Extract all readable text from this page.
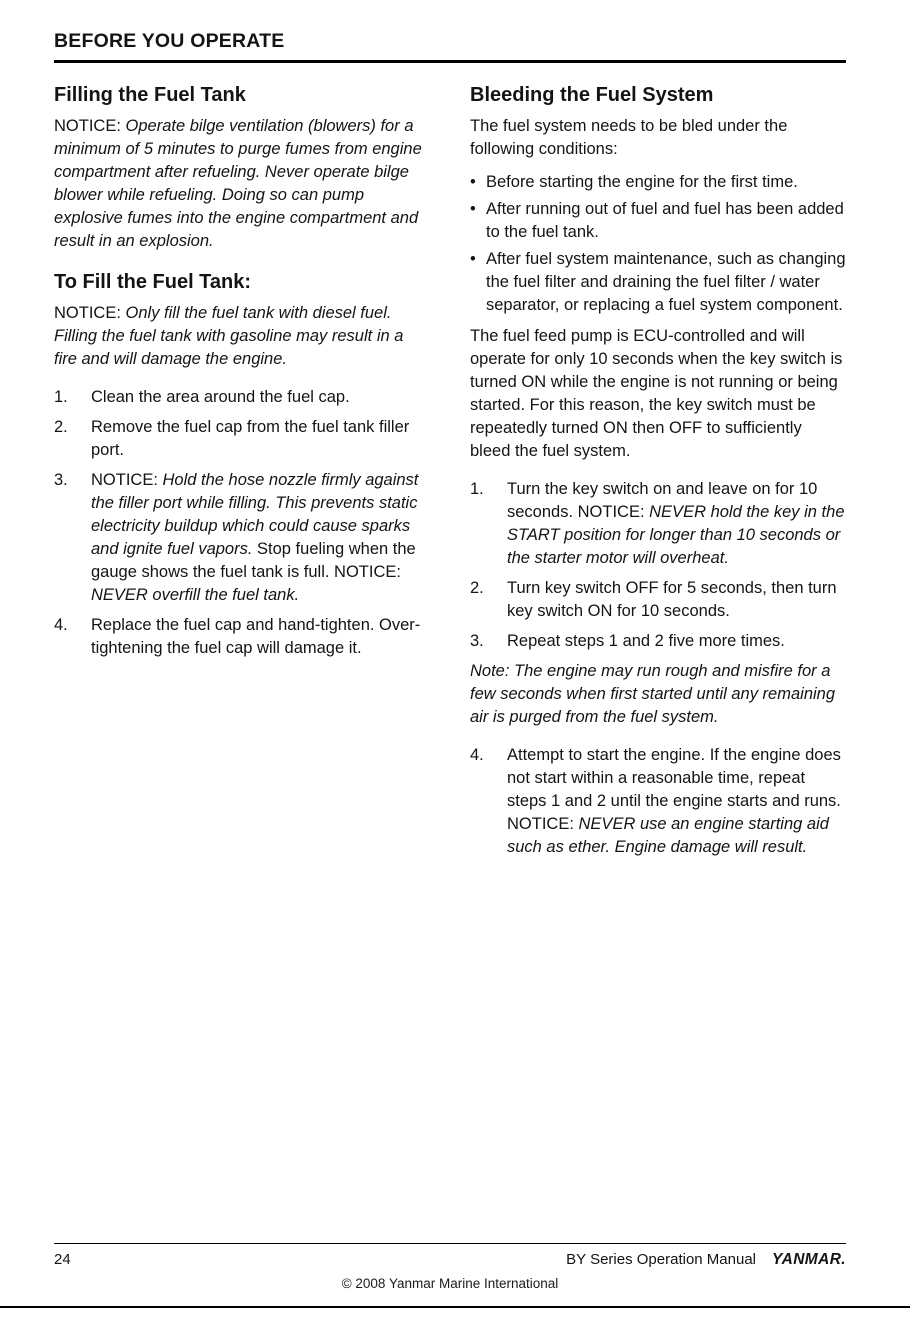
BEFORE YOU OPERATE
Filling the Fuel Tank

NOTICE: Operate bilge ventilation (blowers) for a minimum of 5 minutes to purge fumes from engine compartment after refueling. Never operate bilge blower while refueling. Doing so can pump explosive fumes into the engine compartment and result in an explosion.

To Fill the Fuel Tank:

NOTICE: Only fill the fuel tank with diesel fuel. Filling the fuel tank with gasoline may result in a fire and will damage the engine.

1.	Clean the area around the fuel cap.
2.	Remove the fuel cap from the fuel tank filler port.
3.	NOTICE: Hold the hose nozzle firmly against the filler port while filling. This prevents static electricity buildup which could cause sparks and ignite fuel vapors. Stop fueling when the gauge shows the fuel tank is full. NOTICE: NEVER overfill the fuel tank.
4.	Replace the fuel cap and hand-tighten. Over-tightening the fuel cap will damage it.
Bleeding the Fuel System

The fuel system needs to be bled under the following conditions:

• Before starting the engine for the first time.
• After running out of fuel and fuel has been added to the fuel tank.
• After fuel system maintenance, such as changing the fuel filter and draining the fuel filter / water separator, or replacing a fuel system component.

The fuel feed pump is ECU-controlled and will operate for only 10 seconds when the key switch is turned ON while the engine is not running or being started. For this reason, the key switch must be repeatedly turned ON then OFF to sufficiently bleed the fuel system.

1.	Turn the key switch on and leave on for 10 seconds. NOTICE: NEVER hold the key in the START position for longer than 10 seconds or the starter motor will overheat.
2.	Turn key switch OFF for 5 seconds, then turn key switch ON for 10 seconds.
3.	Repeat steps 1 and 2 five more times.

Note: The engine may run rough and misfire for a few seconds when first started until any remaining air is purged from the fuel system.

4.	Attempt to start the engine. If the engine does not start within a reasonable time, repeat steps 1 and 2 until the engine starts and runs. NOTICE: NEVER use an engine starting aid such as ether. Engine damage will result.
24	BY Series Operation Manual YANMAR.
© 2008 Yanmar Marine International
